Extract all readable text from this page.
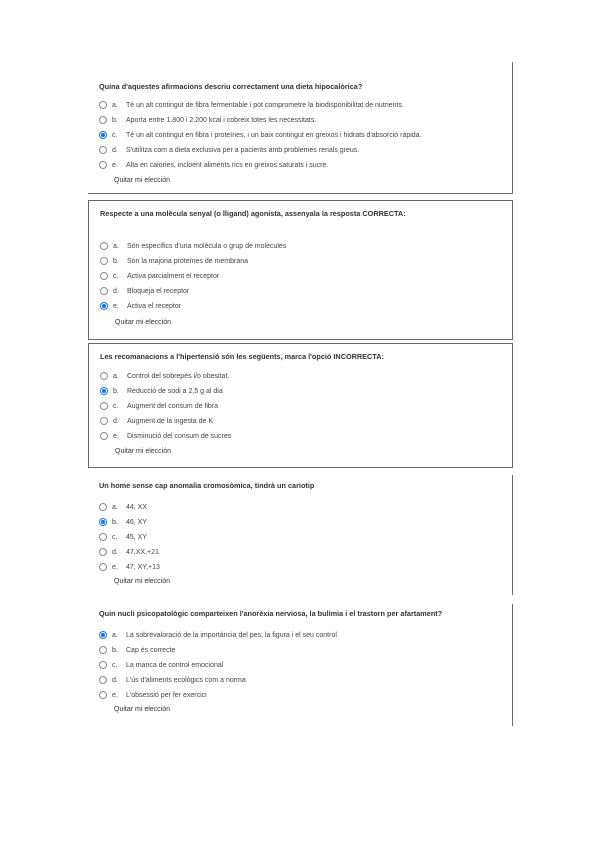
Quina d'aquestes afirmacions descriu correctament una dieta hipocalòrica?
a.	Té un alt contingut de fibra fermentable i pot comprometre la biodisponibilitat de nutrients.
b.	Aporta entre 1.800 i 2.200 kcal i cobreix totes les necessitats.
c.	Té un alt contingut en fibra i proteïnes, i un baix contingut en greixos i hidrats d'absorció ràpida.
d.	S'utilitza com a dieta exclusiva per a pacients amb problemes renals greus.
e.	Alta en calories, incloent aliments rics en greixos saturats i sucre.
Quitar mi elección
Respecte a una molècula senyal (o lligand) agonista, assenyala la resposta CORRECTA:
a.	Són específics d'una molècula o grup de molècules
b.	Són la majoria proteïnes de membrana
c.	Activa parcialment el receptor
d.	Bloqueja el receptor
e.	Activa el receptor
Quitar mi elección
Les recomanacions a l'hipertensió són les següents, marca l'opció INCORRECTA:
a.	Control del sobrepès i/o obesitat.
b.	Reducció de sodi a 2,5 g al dia
c.	Augment del consum de fibra
d.	Augment de la ingesta de K
e.	Disminució del consum de sucres
Quitar mi elección
Un home sense cap anomalia cromosòmica, tindrà un cariotip
a.	44, XX
b.	46, XY
c.	45, XY
d.	47,XX,+21
e.	47, XY,+13
Quitar mi elección
Quin nucli psicopatològic comparteixen l'anorèxia nerviosa, la bulímia i el trastorn per afartament?
a.	La sobrevaloració de la importància del pes, la figura i el seu control
b.	Cap és correcte
c.	La manca de control emocional
d.	L'ús d'aliments ecològics com a norma
e.	L'obsessió per fer exercici
Quitar mi elección
